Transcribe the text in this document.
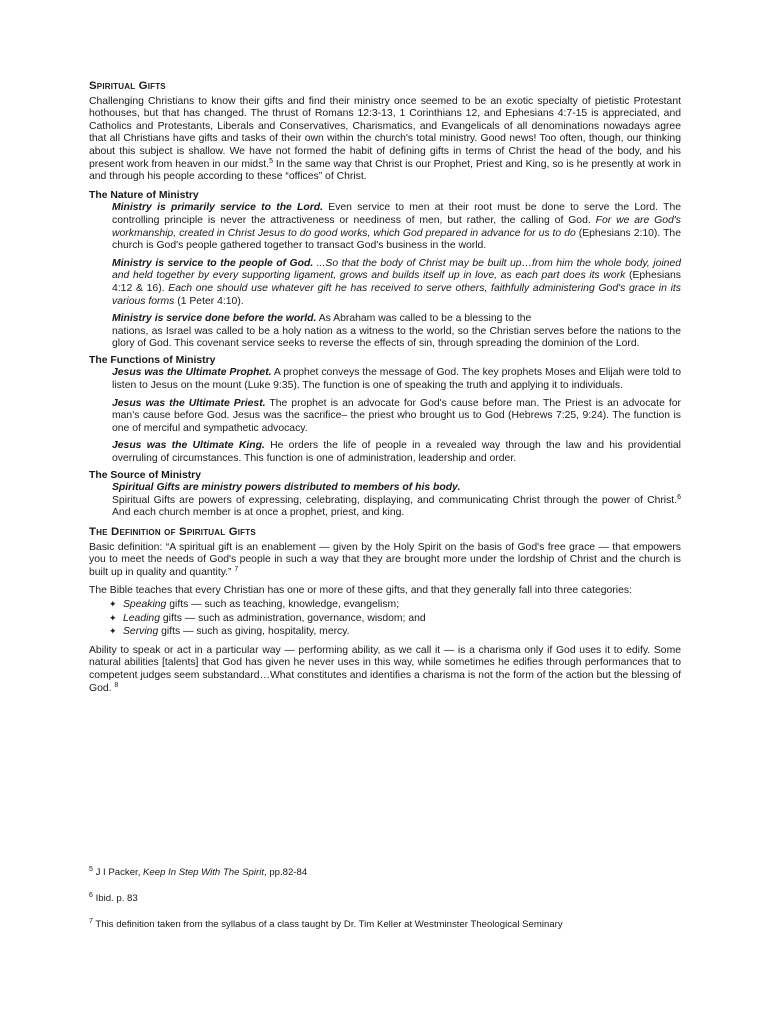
Spiritual Gifts

Challenging Christians to know their gifts and find their ministry once seemed to be an exotic specialty of pietistic Protestant hothouses, but that has changed. The thrust of Romans 12:3-13, 1 Corinthians 12, and Ephesians 4:7-15 is appreciated, and Catholics and Protestants, Liberals and Conservatives, Charismatics, and Evangelicals of all denominations nowadays agree that all Christians have gifts and tasks of their own within the church's total ministry. Good news! Too often, though, our thinking about this subject is shallow. We have not formed the habit of defining gifts in terms of Christ the head of the body, and his present work from heaven in our midst.$^5$ In the same way that Christ is our Prophet, Priest and King, so is he presently at work in and through his people according to these “offices” of Christ.

The Nature of Ministry

Ministry is primarily service to the Lord. Even service to men at their root must be done to serve the Lord. The controlling principle is never the attractiveness or neediness of men, but rather, the calling of God. For we are God's workmanship, created in Christ Jesus to do good works, which God prepared in advance for us to do (Ephesians 2:10). The church is God's people gathered together to transact God's business in the world.

Ministry is service to the people of God. ...So that the body of Christ may be built up…from him the whole body, joined and held together by every supporting ligament, grows and builds itself up in love, as each part does its work (Ephesians 4:12 & 16). Each one should use whatever gift he has received to serve others, faithfully administering God's grace in its various forms (1 Peter 4:10).

Ministry is service done before the world. As Abraham was called to be a blessing to the
nations, as Israel was called to be a holy nation as a witness to the world, so the Christian serves before the nations to the glory of God. This covenant service seeks to reverse the effects of sin, through spreading the dominion of the Lord.

The Functions of Ministry

Jesus was the Ultimate Prophet. A prophet conveys the message of God. The key prophets Moses and Elijah were told to listen to Jesus on the mount (Luke 9:35). The function is one of speaking the truth and applying it to individuals.

Jesus was the Ultimate Priest. The prophet is an advocate for God's cause before man. The Priest is an advocate for man's cause before God. Jesus was the sacrifice– the priest who brought us to God (Hebrews 7:25, 9:24). The function is one of merciful and sympathetic advocacy.

Jesus was the Ultimate King. He orders the life of people in a revealed way through the law and his providential overruling of circumstances. This function is one of administration, leadership and order.

The Source of Ministry

Spiritual Gifts are ministry powers distributed to members of his body.
Spiritual Gifts are powers of expressing, celebrating, displaying, and communicating Christ through the power of Christ.$^6$ And each church member is at once a prophet, priest, and king.

The Definition of Spiritual Gifts

Basic definition: “A spiritual gift is an enablement — given by the Holy Spirit on the basis of God's free grace — that empowers you to meet the needs of God's people in such a way that they are brought more under the lordship of Christ and the church is built up in quality and quantity.” $^7$

The Bible teaches that every Christian has one or more of these gifts, and that they generally fall into three categories:

✦ Speaking gifts — such as teaching, knowledge, evangelism;
✦ Leading gifts — such as administration, governance, wisdom; and
✦ Serving gifts — such as giving, hospitality, mercy.

Ability to speak or act in a particular way — performing ability, as we call it — is a charisma only if God uses it to edify. Some natural abilities [talents] that God has given he never uses in this way, while sometimes he edifies through performances that to competent judges seem substandard…What constitutes and identifies a charisma is not the form of the action but the blessing of God. $^8$

$^5$ J I Packer, Keep In Step With The Spirit, pp.82-84

$^6$ Ibid. p. 83

$^7$ This definition taken from the syllabus of a class taught by Dr. Tim Keller at Westminster Theological Seminary
